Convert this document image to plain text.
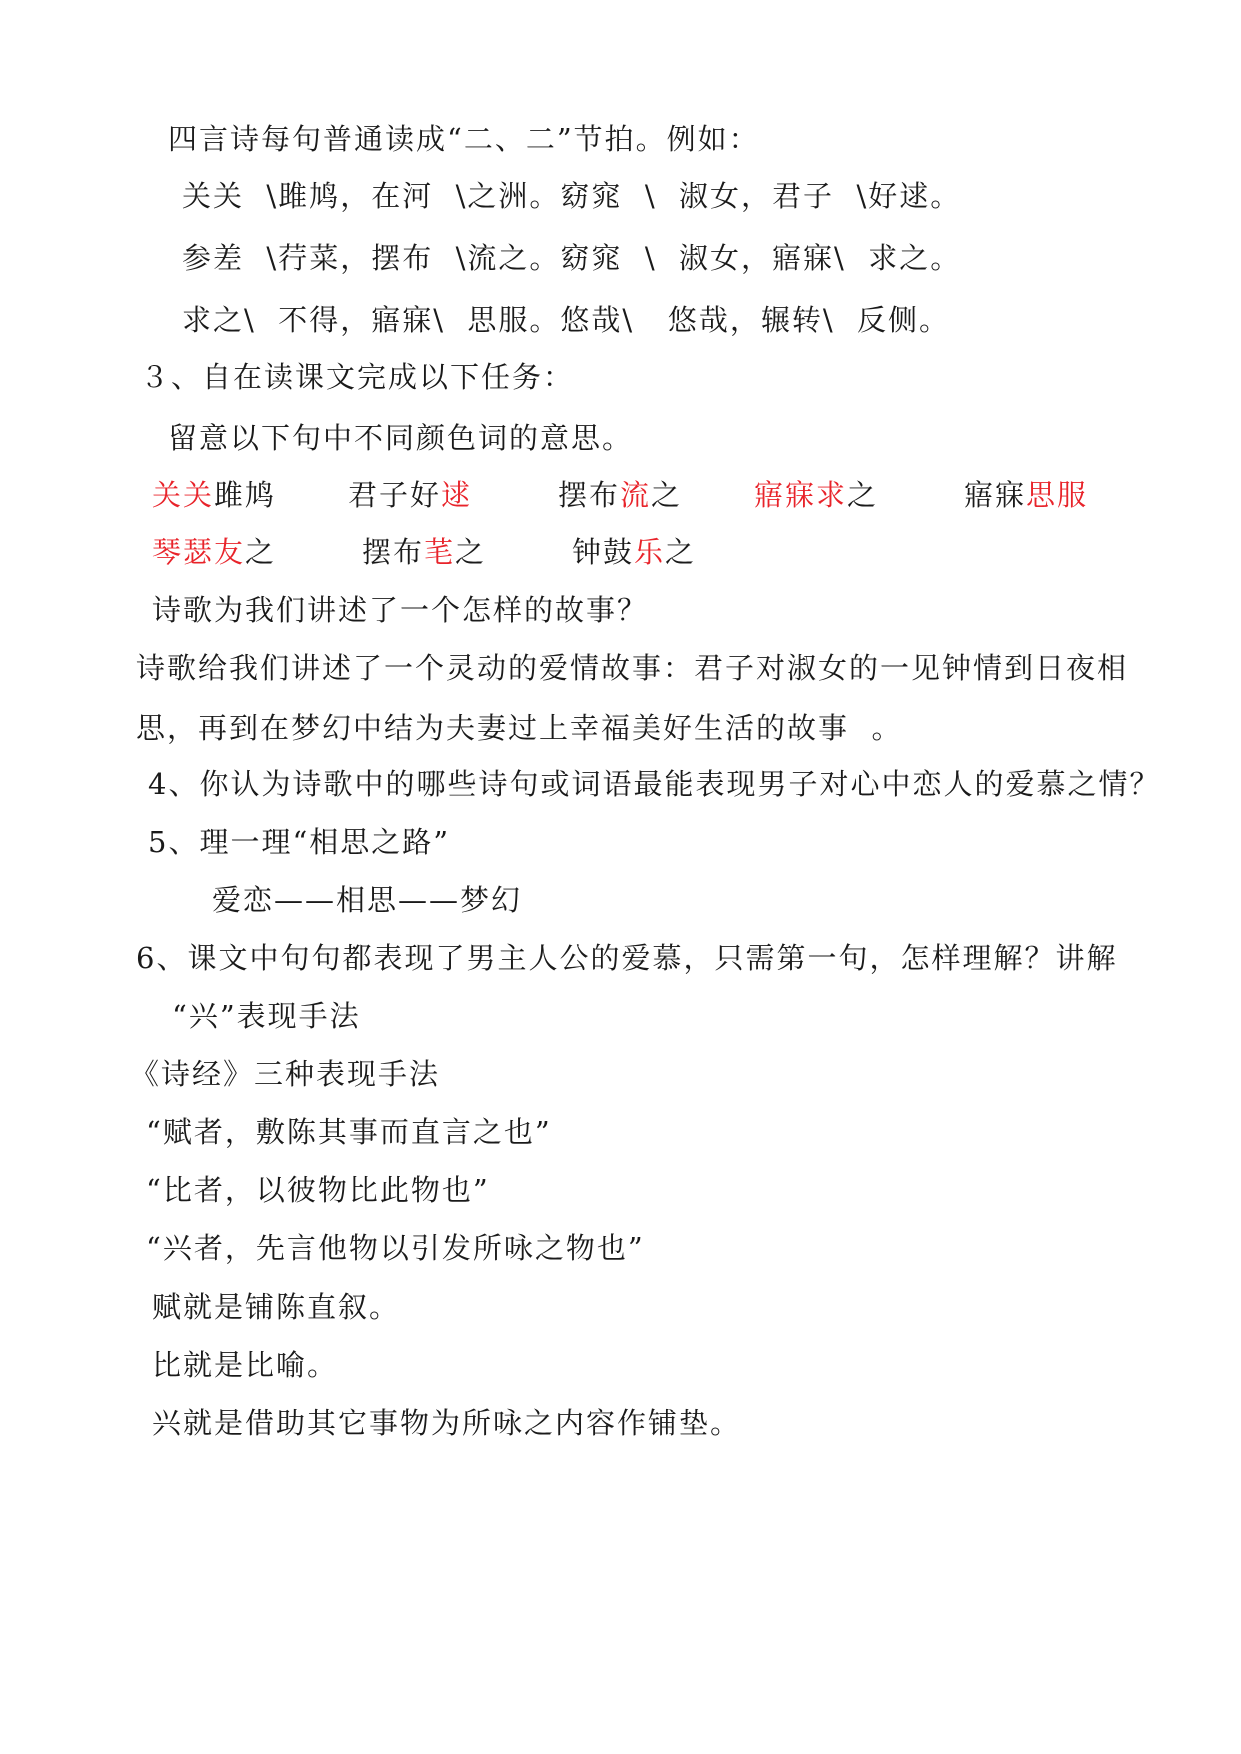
四言诗每句普通读成“二、二”节拍。例如：
关关  \雎鸠，在河  \之洲。窈窕  \  淑女，君子  \好逑。
参差  \荇菜，摆布  \流之。窈窕  \  淑女，寤寐\  求之。
求之\  不得，寤寐\  思服。悠哉\   悠哉，辗转\  反侧。
３、自在读课文完成以下任务：
留意以下句中不同颜色词的意思。
关关雎鸠 君子好逑	摆布流之 寤寐求之	寤寐思服
琴瑟友之	摆布芼之	钟鼓乐之
诗歌为我们讲述了一个怎样的故事？
诗歌给我们讲述了一个灵动的爱情故事：君子对淑女的一见钟情到日夜相
思，再到在梦幻中结为夫妻过上幸福美好生活的故事  。
4、你认为诗歌中的哪些诗句或词语最能表现男子对心中恋人的爱慕之情？
5、理一理“相思之路”
爱恋——相思——梦幻
6、课文中句句都表现了男主人公的爱慕，只需第一句，怎样理解？讲解
“兴”表现手法
《诗经》三种表现手法
“赋者，敷陈其事而直言之也”
“比者，以彼物比此物也”
“兴者，先言他物以引发所咏之物也”
赋就是铺陈直叙。
比就是比喻。
兴就是借助其它事物为所咏之内容作铺垫。
